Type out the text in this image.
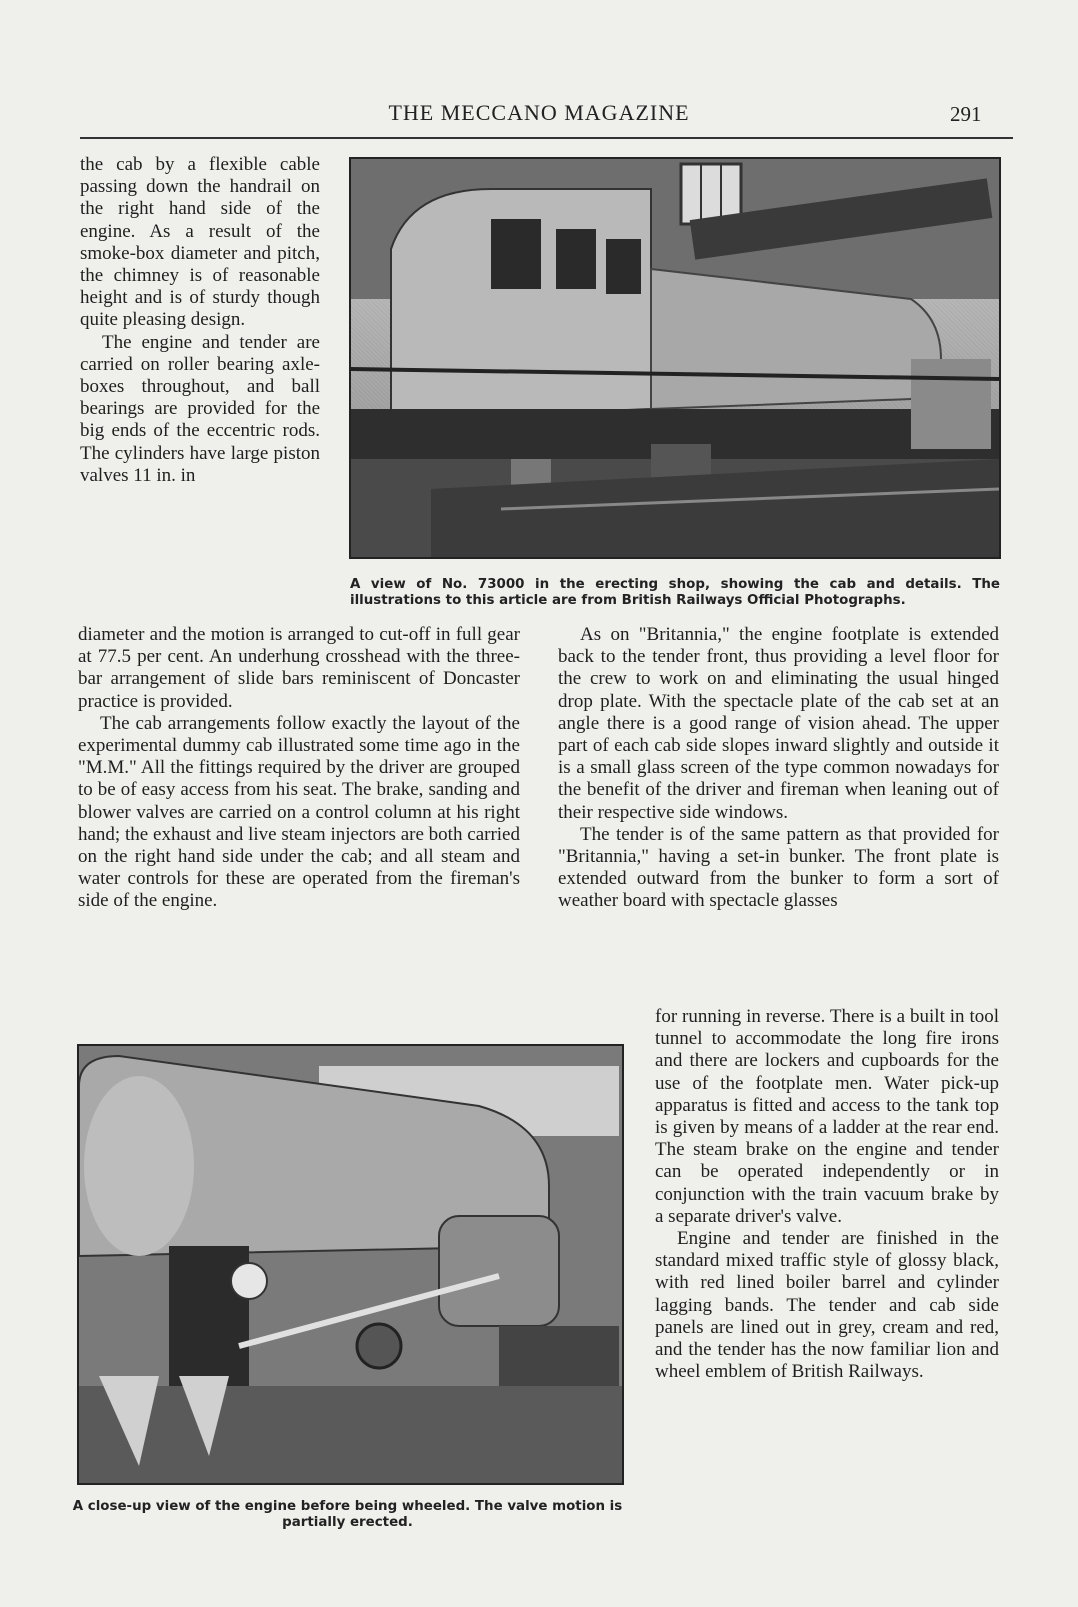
THE MECCANO MAGAZINE	291

the cab by a flexible cable passing down the handrail on the right hand side of the engine. As a result of the smoke-box diameter and pitch, the chimney is of reasonable height and is of sturdy though quite pleasing design.

The engine and tender are carried on roller bearing axle-boxes throughout, and ball bearings are provided for the big ends of the eccentric rods. The cylinders have large piston valves 11 in. in

A view of No. 73000 in the erecting shop, showing the cab and details. The illustrations to this article are from British Railways Official Photographs.

diameter and the motion is arranged to cut-off in full gear at 77.5 per cent. An underhung crosshead with the three-bar arrangement of slide bars reminiscent of Doncaster practice is provided.

The cab arrangements follow exactly the layout of the experimental dummy cab illustrated some time ago in the "M.M." All the fittings required by the driver are grouped to be of easy access from his seat. The brake, sanding and blower valves are carried on a control column at his right hand; the exhaust and live steam injectors are both carried on the right hand side under the cab; and all steam and water controls for these are operated from the fireman's side of the engine.

As on "Britannia," the engine footplate is extended back to the tender front, thus providing a level floor for the crew to work on and eliminating the usual hinged drop plate. With the spectacle plate of the cab set at an angle there is a good range of vision ahead. The upper part of each cab side slopes inward slightly and outside it is a small glass screen of the type common nowadays for the benefit of the driver and fireman when leaning out of their respective side windows.

The tender is of the same pattern as that provided for "Britannia," having a set-in bunker. The front plate is extended outward from the bunker to form a sort of weather board with spectacle glasses

A close-up view of the engine before being wheeled. The valve motion is partially erected.

for running in reverse. There is a built in tool tunnel to accommodate the long fire irons and there are lockers and cupboards for the use of the footplate men. Water pick-up apparatus is fitted and access to the tank top is given by means of a ladder at the rear end. The steam brake on the engine and tender can be operated independently or in conjunction with the train vacuum brake by a separate driver's valve.

Engine and tender are finished in the standard mixed traffic style of glossy black, with red lined boiler barrel and cylinder lagging bands. The tender and cab side panels are lined out in grey, cream and red, and the tender has the now familiar lion and wheel emblem of British Railways.
